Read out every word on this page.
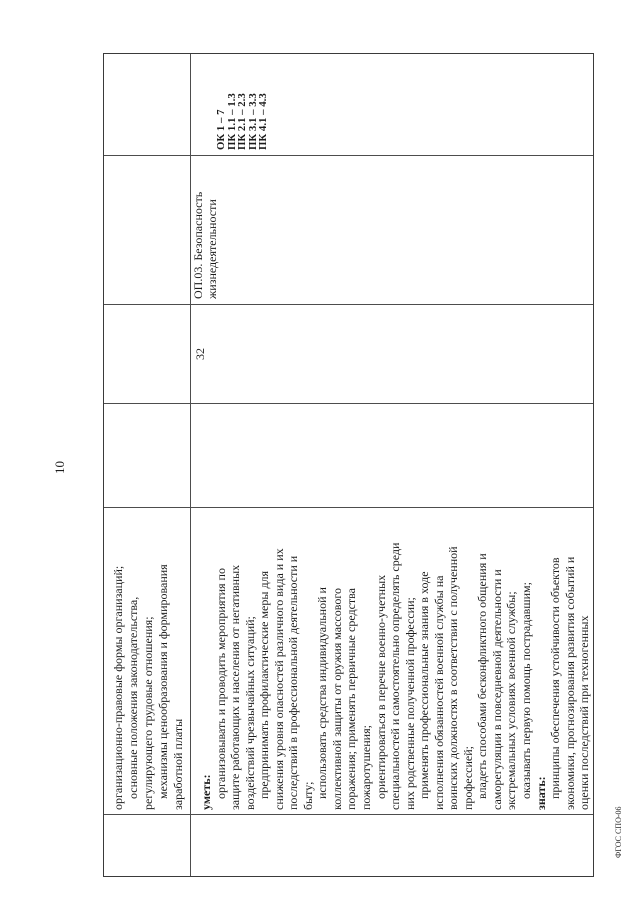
10
организационно-правовые формы организаций; основные положения законодательства, регулирующего трудовые отношения; механизмы ценообразования и формирования заработной платы уметь: организовывать и проводить мероприятия по защите работающих и населения от негативных воздействий чрезвычайных ситуаций; предпринимать профилактические меры для снижения уровня опасностей различного вида и их последствий в профессиональной деятельности и быту; использовать средства индивидуальной и коллективной защиты от оружия массового поражения; применять первичные средства пожаротушения; ориентироваться в перечне военно-учетных специальностей и самостоятельно определять среди них родственные полученной профессии; применять профессиональные знания в ходе исполнения обязанностей военной службы на воинских должностях в соответствии с полученной профессией; владеть способами бесконфликтного общения и саморегуляции в повседневной деятельности и экстремальных условиях военной службы; оказывать первую помощь пострадавшим; знать: принципы обеспечения устойчивости объектов экономики, прогнозирования развития событий и оценки последствий при техногенных
32
ОП.03. Безопасность жизнедеятельности
ОК 1 – 7
ПК 1.1 – 1.3
ПК 2.1 – 2.3
ПК 3.1 – 3.3
ПК 4.1 – 4.3
ФГОС СПО-06
